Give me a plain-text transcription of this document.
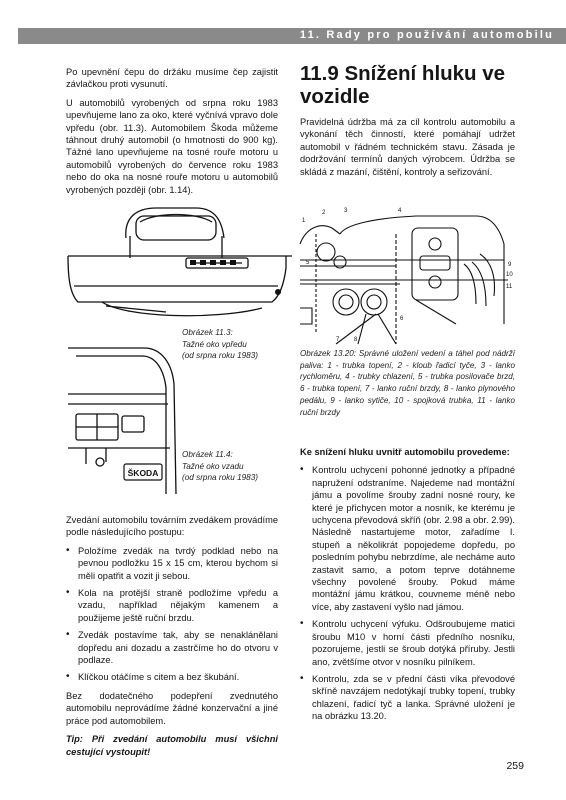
11. Rady pro používání automobilu

Po upevnění čepu do držáku musíme čep zajistit závlačkou proti vysunutí.

U automobilů vyrobených od srpna roku 1983 upevňujeme lano za oko, které vyčnívá vpravo dole vpředu (obr. 11.3). Automobilem Škoda můžeme táhnout druhý automobil (o hmotnosti do 900 kg). Tážné lano upevňujeme na tosné rouře motoru u automobilů vyrobených do července roku 1983 nebo do oka na nosné rouře motoru u automobilů vyrobených později (obr. 1.14).

Obrázek 11.3:

Tažné oko vpředu

(od srpna roku 1983)

ŠKODA

Obrázek 11.4:

Tažné oko vzadu

(od srpna roku 1983)

Zvedání automobilu továrním zvedákem provádíme podle následujícího postupu:

• Položíme zvedák na tvrdý podklad nebo na pevnou podložku 15 x 15 cm, kterou bychom si měli opatřit a vozit ji sebou.
• Kola na protější straně podložíme vpředu a vzadu, například nějakým kamenem a použijeme ještě ruční brzdu.
• Zvedák postavíme tak, aby se nenaklánělani dopředu ani dozadu a zastrčíme ho do otvoru v podlaze.
• Klíčkou otáčíme s citem a bez škubání.

Bez dodatečného podepření zvednutého automobilu neprovádíme žádné konzervační a jiné práce pod automobilem.

Tip: Při zvedání automobilu musí všichni cestující vystoupit!

11.9 Snížení hluku ve vozidle

Pravidelná údržba má za cíl kontrolu automobilu a vykonání těch činností, které pomáhají udržet automobil v řádném technickém stavu. Zásada je dodržování termínů daných výrobcem. Údržba se skládá z mazání, čištění, kontroly a seřizování.

1
2	3	4
5
6
7 8
9
10
11

Obrázek 13.20: Správné uložení vedení a táhel pod nádrží paliva: 1 - trubka topení, 2 - kloub řadicí tyče, 3 - lanko rychloměru, 4 - trubky chlazení, 5 - trubka posilovače brzd, 6 - trubka topení, 7 - lanko ruční brzdy, 8 - lanko plynového pedálu, 9 - lanko sytiče, 10 - spojková trubka, 11 - lanko ruční brzdy

Ke snížení hluku uvnitř automobilu provedeme:

• Kontrolu uchycení pohonné jednotky a případné napružení odstraníme. Najedeme nad montážní jámu a povolíme šrouby zadní nosné roury, ke které je přichycen motor a nosník, ke kterému je uchycena převodová skříň (obr. 2.98 a obr. 2.99). Následně nastartujeme motor, zařadíme I. stupeň a několikrát popojedeme dopředu, po posledním pohybu nebrzdíme, ale necháme auto zastavit samo, a potom teprve dotáhneme všechny povolené šrouby. Pokud máme montážní jámu krátkou, couvneme méně nebo více, aby zastavení vyšlo nad jámou.
• Kontrolu uchycení výfuku. Odšroubujeme matici šroubu M10 v horní části předního nosníku, pozorujeme, jestli se šroub dotýká příruby. Jestli ano, zvětšíme otvor v nosníku pilníkem.
• Kontrolu, zda se v přední části víka převodové skříně navzájem nedotýkají trubky topení, trubky chlazení, řadicí tyč a lanka. Správné uložení je na obrázku 13.20.
259
